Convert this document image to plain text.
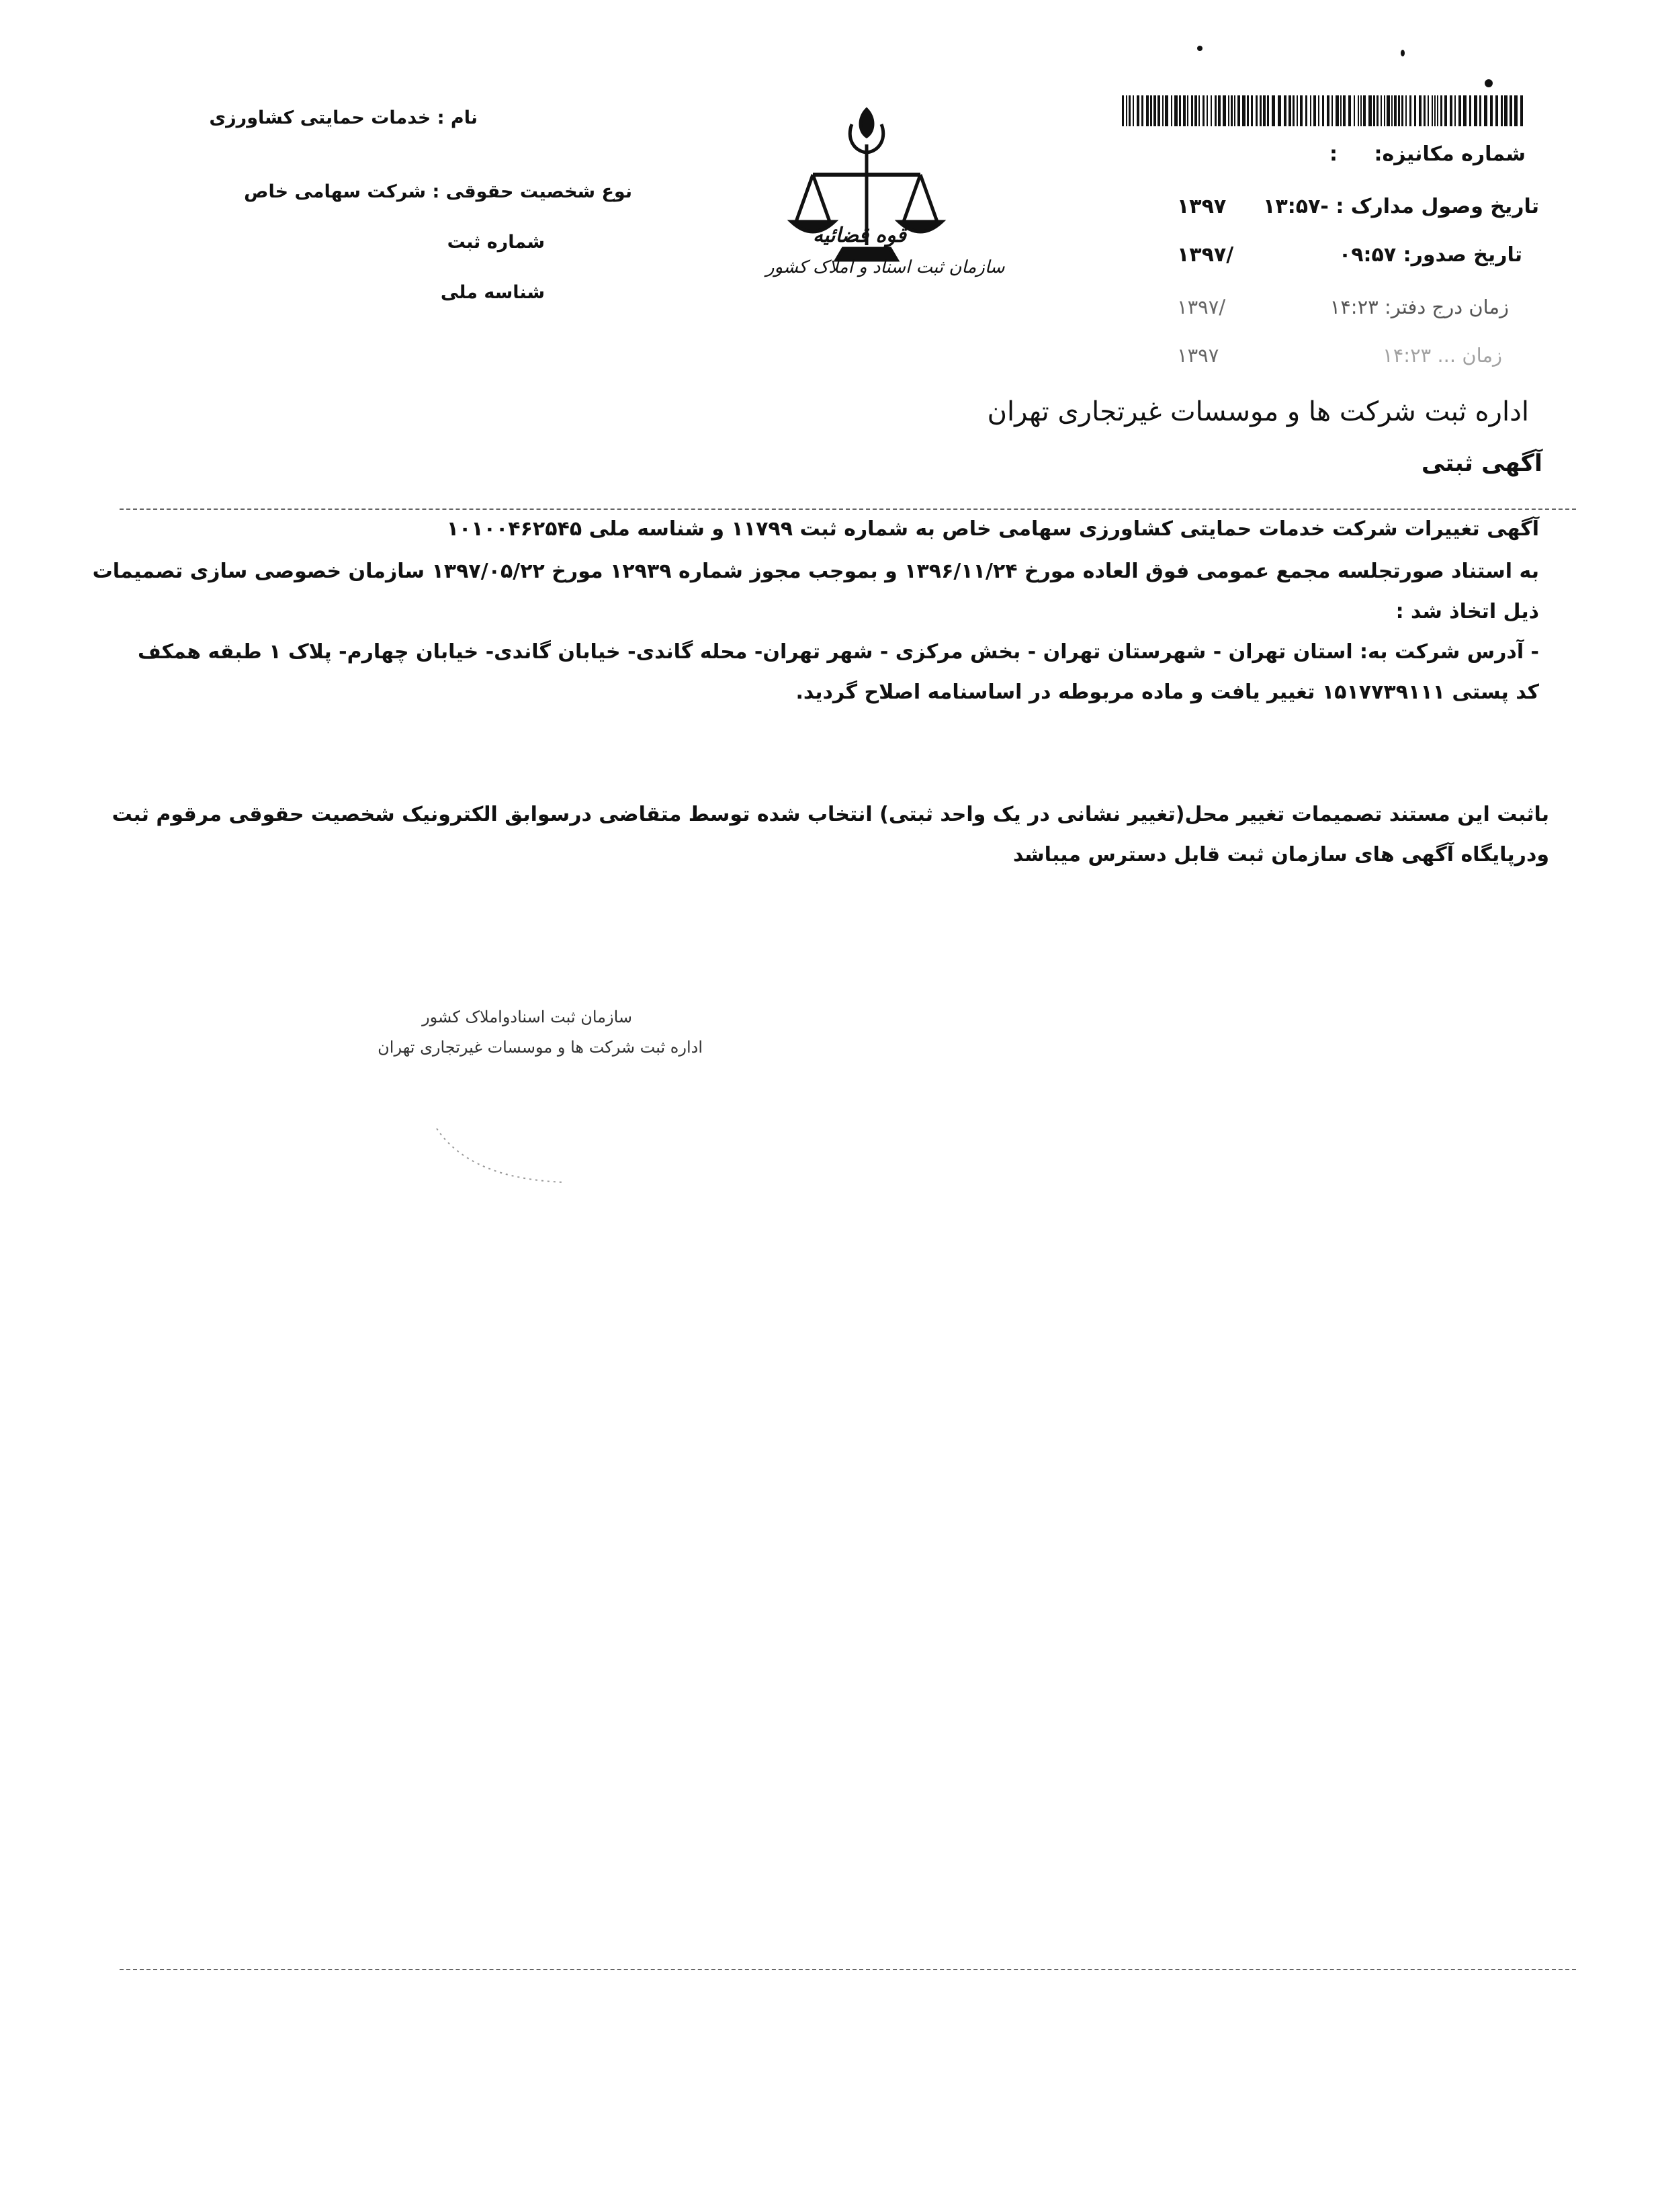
نام : خدمات حمایتی کشاورزی
نوع شخصیت حقوقی : شرکت سهامی خاص
شماره ثبت
شناسه ملی
قوه قضائیه
سازمان ثبت اسناد و املاک کشور
شماره مکانیزه:
:
تاریخ وصول مدارک : -۱۳:۵۷
۱۳۹۷
تاریخ صدور: ۰۹:۵۷
/۱۳۹۷
زمان درج دفتر: ۱۴:۲۳
/۱۳۹۷
زمان ... ۱۴:۲۳
۱۳۹۷
اداره ثبت شرکت ها و موسسات غیرتجاری تهران
آگهی ثبتی
آگهی تغییرات شرکت خدمات حمایتی کشاورزی سهامی خاص به شماره ثبت ۱۱۷۹۹ و شناسه ملی ۱۰۱۰۰۴۶۲۵۴۵
به استناد صورتجلسه مجمع عمومی فوق العاده مورخ ۱۳۹۶/۱۱/۲۴ و بموجب مجوز شماره ۱۲۹۳۹ مورخ ۱۳۹۷/۰۵/۲۲ سازمان خصوصی سازی تصمیمات
ذیل اتخاذ شد :
- آدرس شرکت به: استان تهران - شهرستان تهران - بخش مرکزی - شهر تهران- محله گاندی- خیابان گاندی- خیابان چهارم- پلاک ۱ طبقه همکف
کد پستی ۱۵۱۷۷۳۹۱۱۱ تغییر یافت و ماده مربوطه در اساسنامه اصلاح گردید.
باثبت این مستند تصمیمات تغییر محل(تغییر نشانی در یک واحد ثبتی) انتخاب شده توسط متقاضی درسوابق الکترونیک شخصیت حقوقی مرقوم ثبت
ودرپایگاه آگهی های سازمان ثبت قابل دسترس میباشد
سازمان ثبت اسنادواملاک کشور
اداره ثبت شرکت ها و موسسات غیرتجاری تهران
